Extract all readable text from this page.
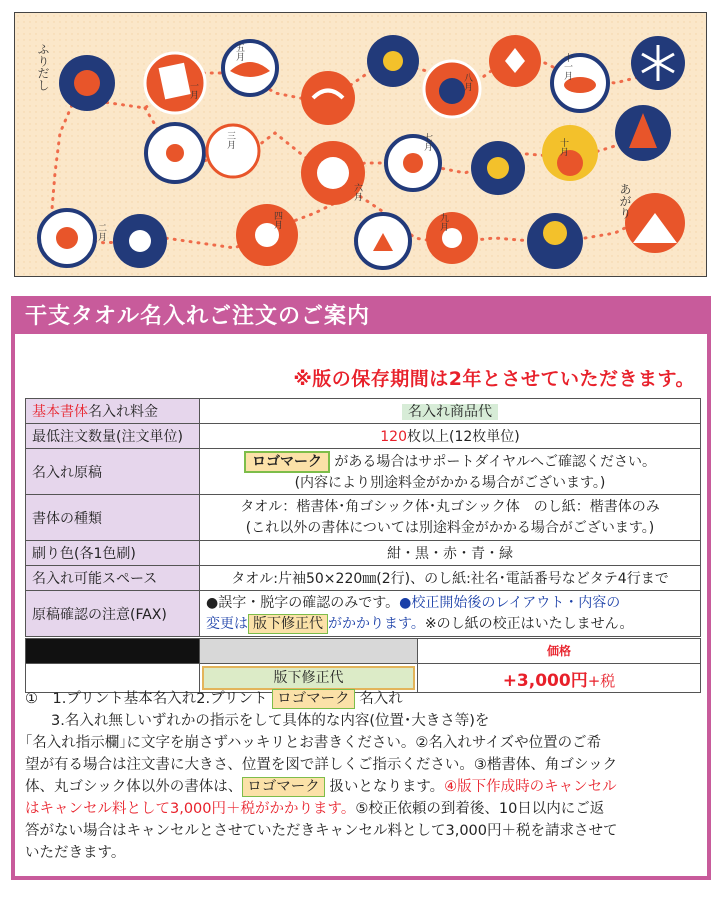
ふりだし	一月
二月
三月
四月
五月
六月
七月
八月
九月
十月
十一月
あがり
干支タオル名入れご注文のご案内
※版の保存期間は2年とさせていただきます。
基本書体名入れ料金	名入れ商品代
最低注文数量(注文単位)	120枚以上(12枚単位)
名入れ原稿	ロゴマーク がある場合はサポートダイヤルへご確認ください。
(内容により別途料金がかかる場合がございます。)
書体の種類	タオル：楷書体･角ゴシック体･丸ゴシック体　のし紙：楷書体のみ
(これ以外の書体については別途料金がかかる場合がございます。)
刷り色(各1色刷)	紺・黒・赤・青・緑
名入れ可能スペース	タオル:片袖50×220㎜(2行)、のし紙:社名･電話番号などタテ4行まで
原稿確認の注意(FAX)	●誤字・脱字の確認のみです。●校正開始後のレイアウト・内容の
変更は 版下修正代 がかかります。※のし紙の校正はいたしません。
		価格

	版下修正代	+3,000円+税

①　1.プリント基本名入れ2.プリント ロゴマーク 名入れ

3.名入れ無しいずれかの指示をして具体的な内容(位置･大きさ等)を

｢名入れ指示欄｣に文字を崩さずハッキリとお書きください。②名入れサイズや位置のご希

望が有る場合は注文書に大きさ、位置を図で詳しくご指示ください。③楷書体、角ゴシック

体、丸ゴシック体以外の書体は、 ロゴマーク 扱いとなります。④版下作成時のキャンセル

はキャンセル料として3,000円＋税がかかります。⑤校正依頼の到着後、10日以内にご返

答がない場合はキャンセルとさせていただきキャンセル料として3,000円＋税を請求させて

いただきます。
